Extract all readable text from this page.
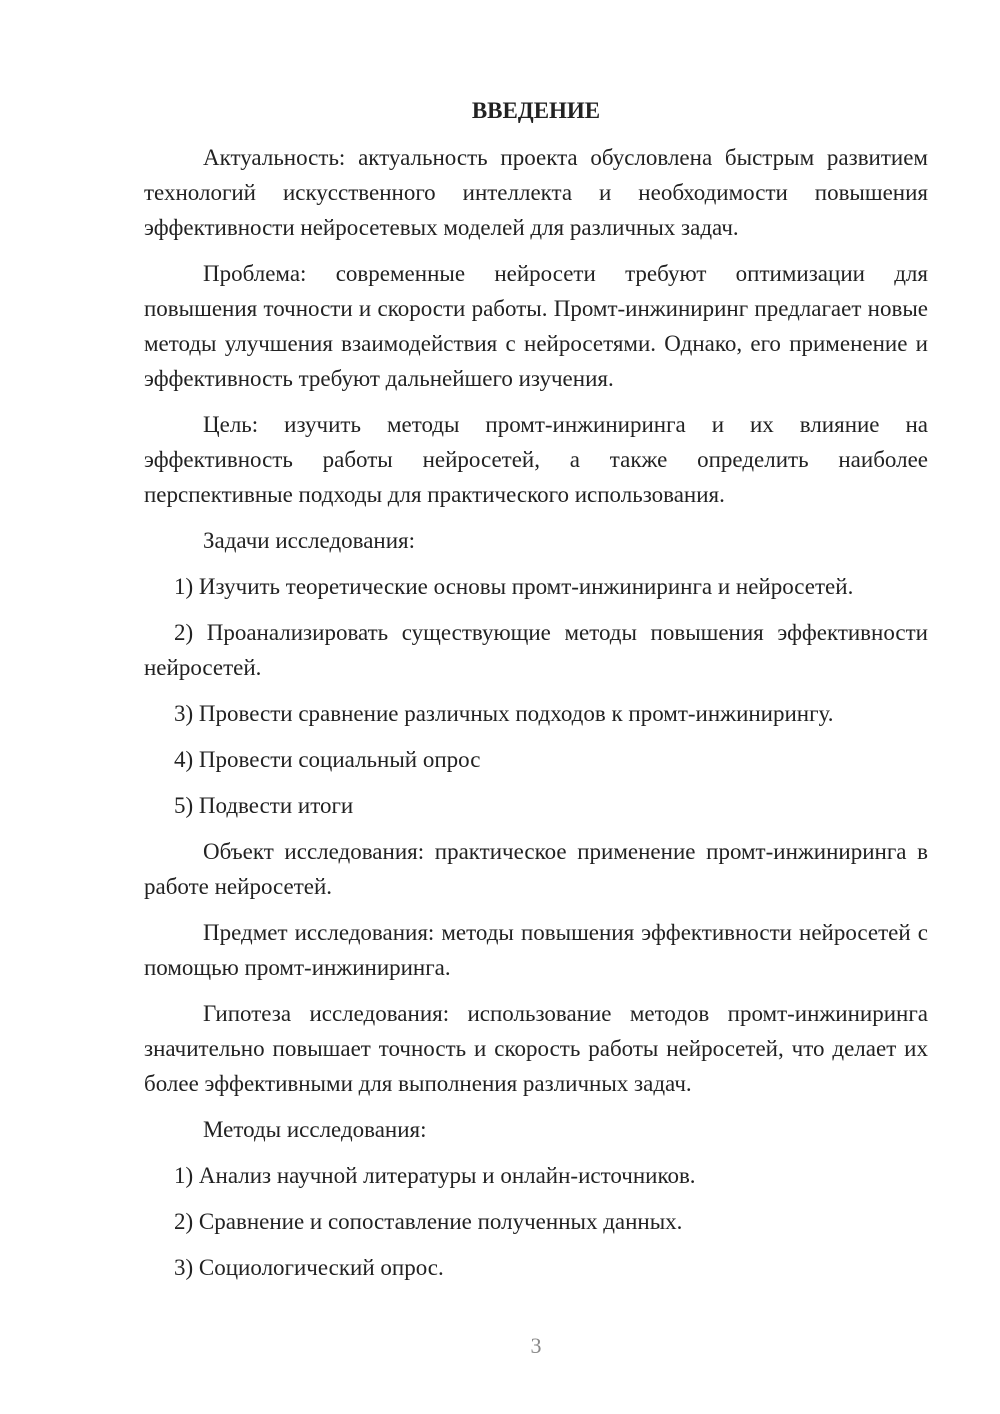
ВВЕДЕНИЕ
Актуальность: актуальность проекта обусловлена быстрым развитием технологий искусственного интеллекта и необходимости повышения эффективности нейросетевых моделей для различных задач.
Проблема: современные нейросети требуют оптимизации для повышения точности и скорости работы. Промт-инжиниринг предлагает новые методы улучшения взаимодействия с нейросетями. Однако, его применение и эффективность требуют дальнейшего изучения.
Цель: изучить методы промт-инжиниринга и их влияние на эффективность работы нейросетей, а также определить наиболее перспективные подходы для практического использования.
Задачи исследования:
1) Изучить теоретические основы промт-инжиниринга и нейросетей.
2) Проанализировать существующие методы повышения эффективности нейросетей.
3) Провести сравнение различных подходов к промт-инжинирингу.
4) Провести социальный опрос
5) Подвести итоги
Объект исследования: практическое применение промт-инжиниринга в работе нейросетей.
Предмет исследования: методы повышения эффективности нейросетей с помощью промт-инжиниринга.
Гипотеза исследования: использование методов промт-инжиниринга значительно повышает точность и скорость работы нейросетей, что делает их более эффективными для выполнения различных задач.
Методы исследования:
1) Анализ научной литературы и онлайн-источников.
2) Сравнение и сопоставление полученных данных.
3) Социологический опрос.
3
